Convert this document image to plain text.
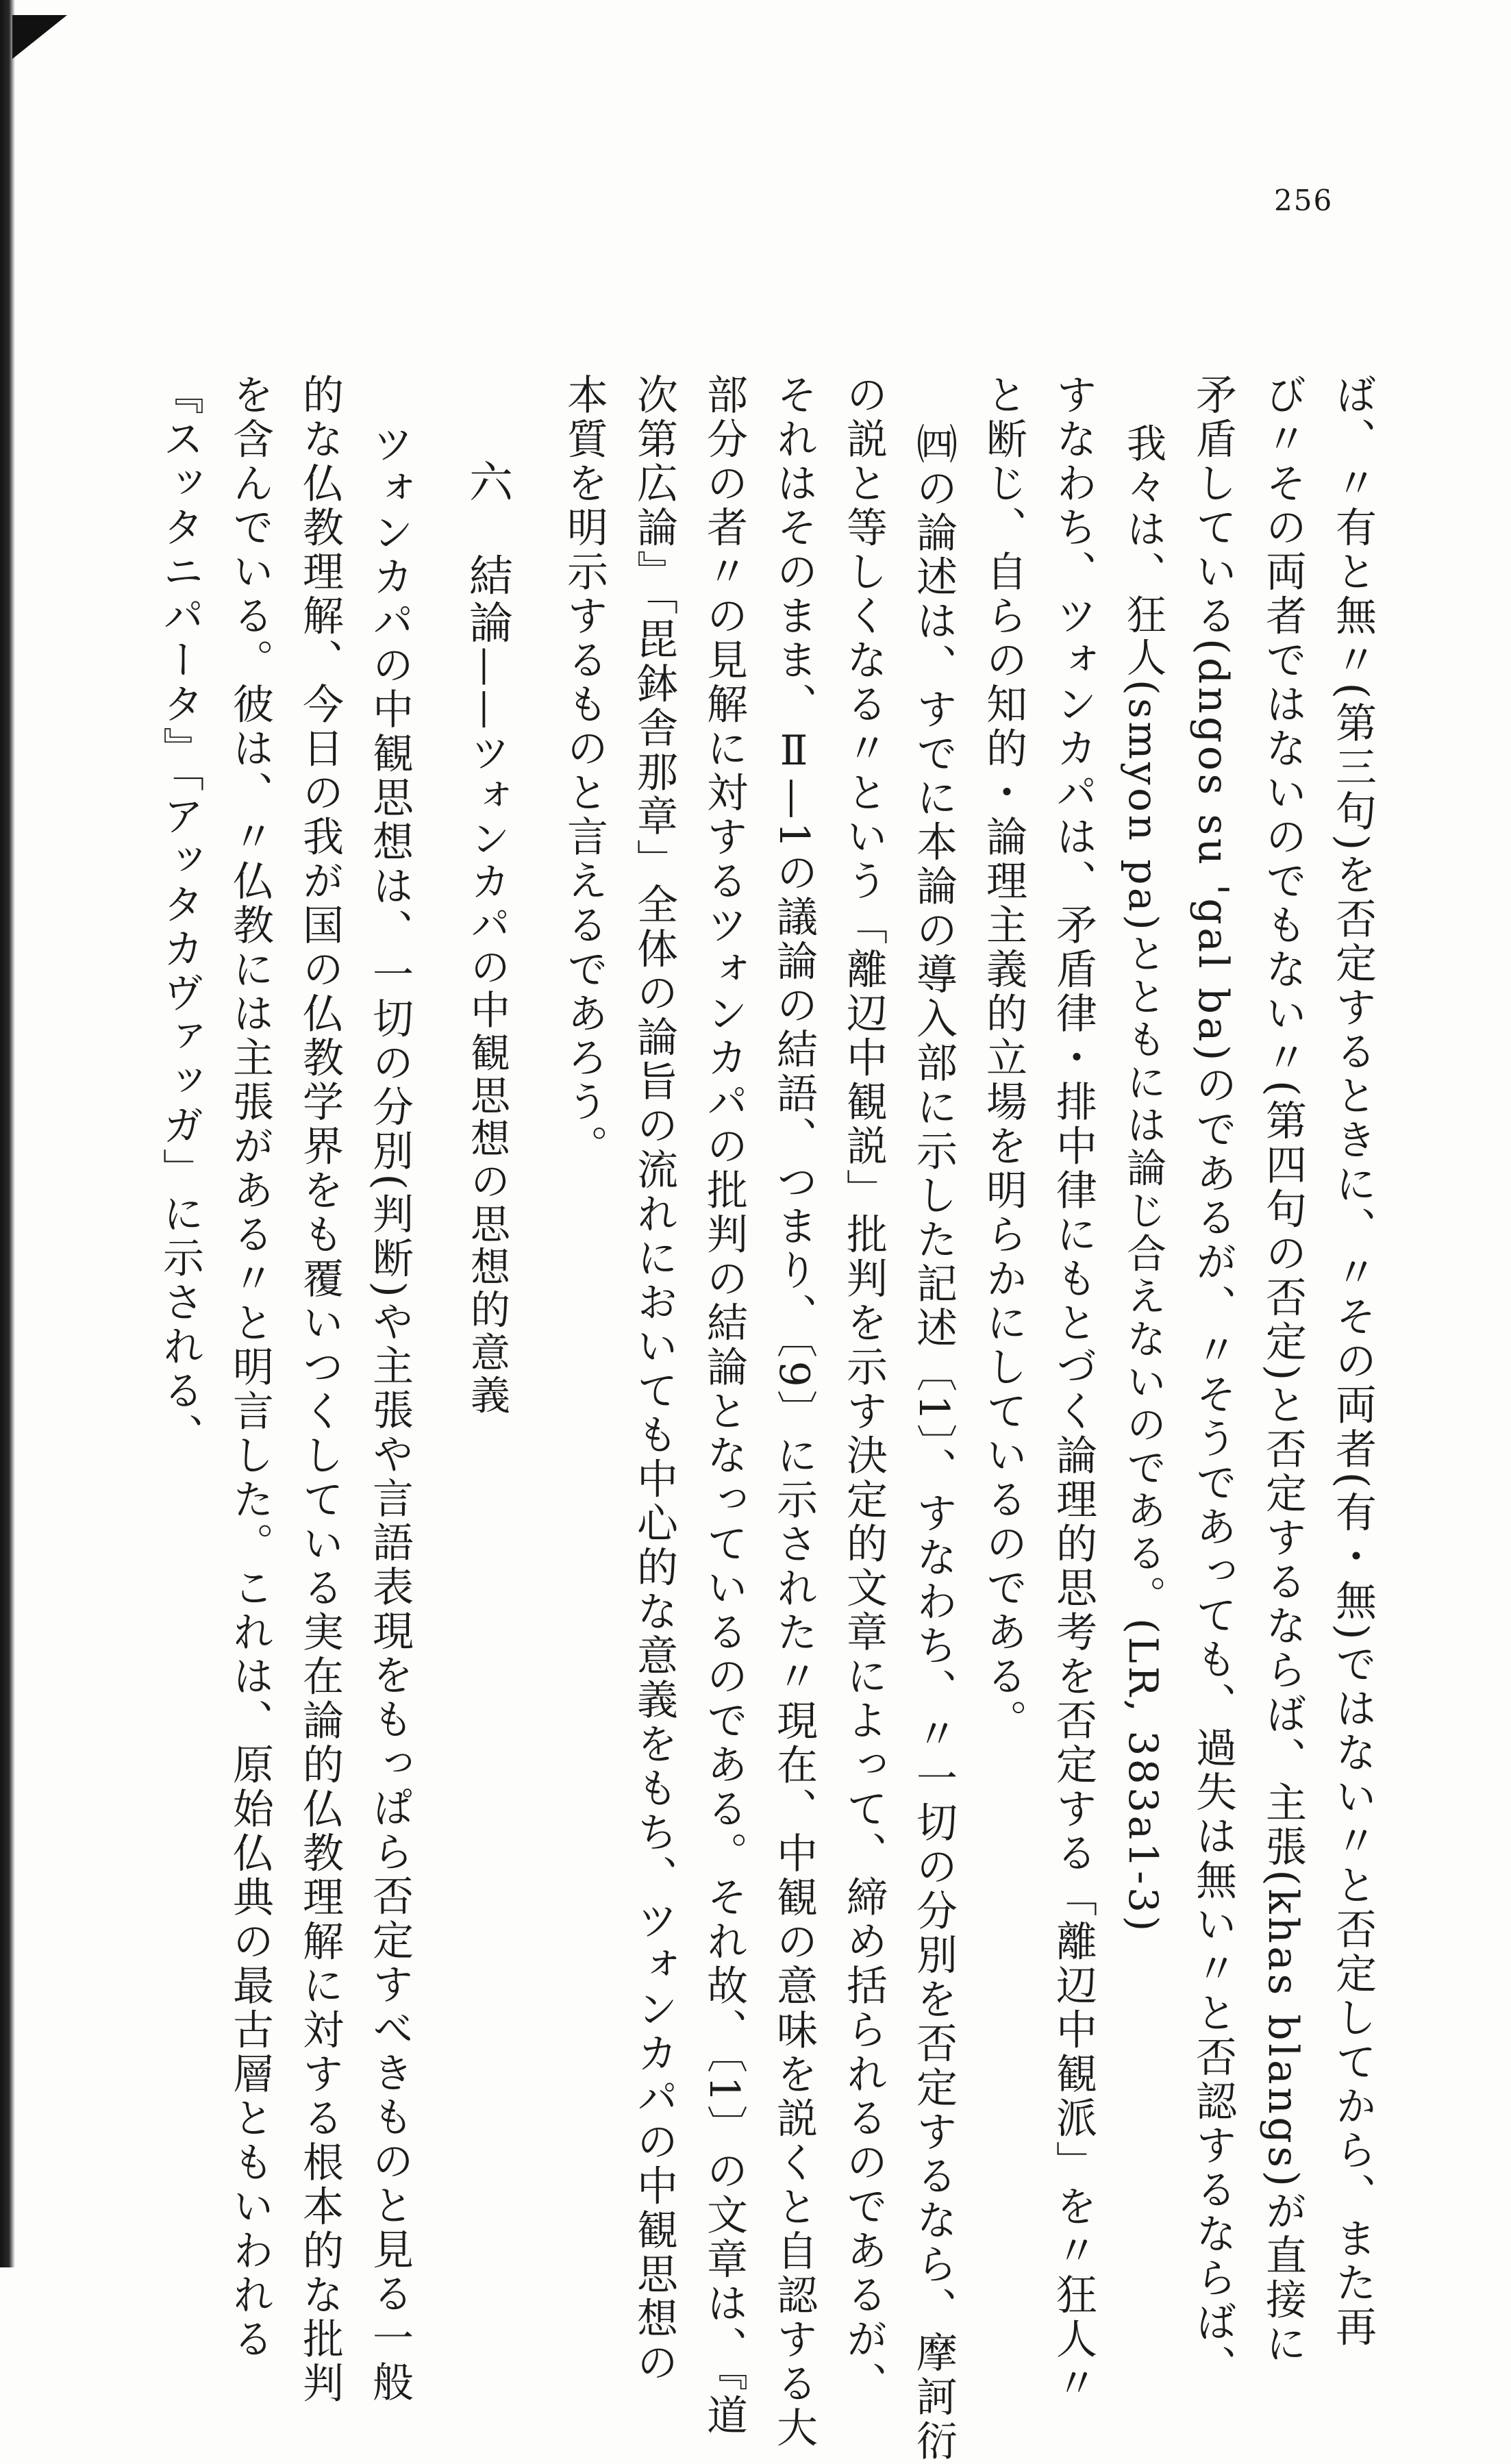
256
ば、〃有と無〃(第三句)を否定するときに、〃その両者(有・無)ではない〃と否定してから、また再
び〃その両者ではないのでもない〃(第四句の否定)と否定するならば、主張(khas blangs)が直接に
矛盾している(dngos su 'gal ba)のであるが、〃そうであっても、過失は無い〃と否認するならば、
我々は、狂人(smyon pa)とともには論じ合えないのである。(LR, 383a1-3)
すなわち、ツォンカパは、矛盾律・排中律にもとづく論理的思考を否定する「離辺中観派」を〃狂人〃
と断じ、自らの知的・論理主義的立場を明らかにしているのである。
㈣の論述は、すでに本論の導入部に示した記述〔1〕、すなわち、〃一切の分別を否定するなら、摩訶衍
の説と等しくなる〃という「離辺中観説」批判を示す決定的文章によって、締め括られるのであるが、
それはそのまま、Ⅱ—1の議論の結語、つまり、〔9〕に示された〃現在、中観の意味を説くと自認する大
部分の者〃の見解に対するツォンカパの批判の結論となっているのである。それ故、〔1〕の文章は、『道
次第広論』「毘鉢舎那章」全体の論旨の流れにおいても中心的な意義をもち、ツォンカパの中観思想の
本質を明示するものと言えるであろう。
六　結論——ツォンカパの中観思想の思想的意義
ツォンカパの中観思想は、一切の分別(判断)や主張や言語表現をもっぱら否定すべきものと見る一般
的な仏教理解、今日の我が国の仏教学界をも覆いつくしている実在論的仏教理解に対する根本的な批判
を含んでいる。彼は、〃仏教には主張がある〃と明言した。これは、原始仏典の最古層ともいわれる
『スッタニパータ』「アッタカヴァッガ」に示される、
